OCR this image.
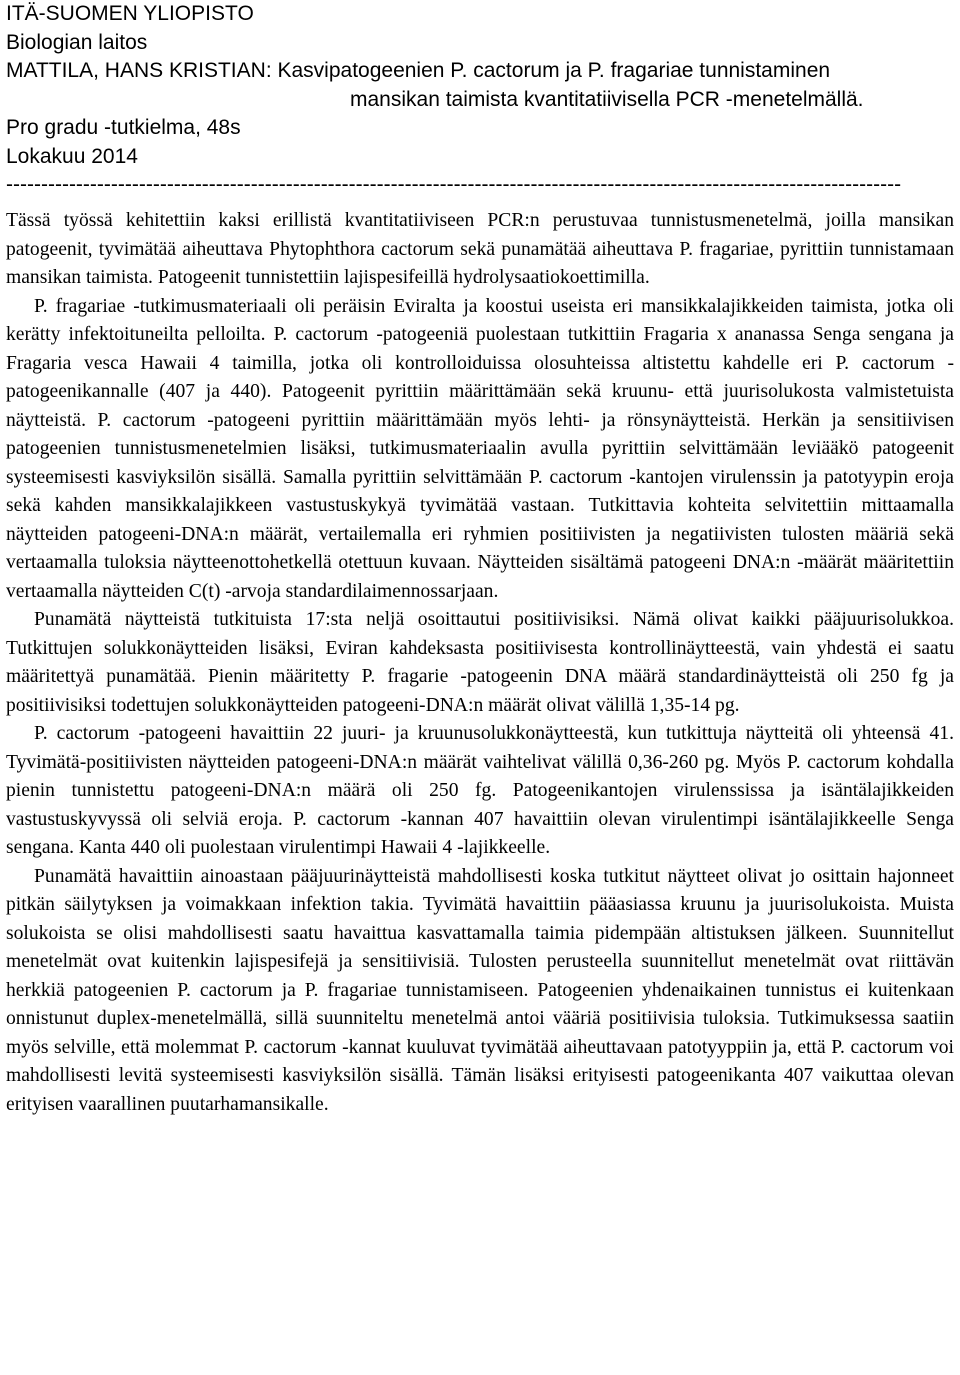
ITÄ-SUOMEN YLIOPISTO
Biologian laitos
MATTILA, HANS KRISTIAN: Kasvipatogeenien P. cactorum ja P. fragariae tunnistaminen
mansikan taimista kvantitatiivisella PCR -menetelmällä.
Pro gradu -tutkielma, 48s
Lokakuu 2014
--------------------------------------------------------------------------------------------------------------------------------

Tässä työssä kehitettiin kaksi erillistä kvantitatiiviseen PCR:n perustuvaa tunnistusmenetelmä, joilla mansikan patogeenit, tyvimätää aiheuttava Phytophthora cactorum sekä punamätää aiheuttava P. fragariae, pyrittiin tunnistamaan mansikan taimista. Patogeenit tunnistettiin lajispesifeillä hydrolysaatiokoettimilla.

P. fragariae -tutkimusmateriaali oli peräisin Eviralta ja koostui useista eri mansikkalajikkeiden taimista, jotka oli kerätty infektoituneilta pelloilta. P. cactorum -patogeeniä puolestaan tutkittiin Fragaria x ananassa Senga sengana ja Fragaria vesca Hawaii 4 taimilla, jotka oli kontrolloiduissa olosuhteissa altistettu kahdelle eri P. cactorum -patogeenikannalle (407 ja 440). Patogeenit pyrittiin määrittämään sekä kruunu- että juurisolukosta valmistetuista näytteistä. P. cactorum -patogeeni pyrittiin määrittämään myös lehti- ja rönsynäytteistä. Herkän ja sensitiivisen patogeenien tunnistusmenetelmien lisäksi, tutkimusmateriaalin avulla pyrittiin selvittämään leviääkö patogeenit systeemisesti kasviyksilön sisällä. Samalla pyrittiin selvittämään P. cactorum -kantojen virulenssin ja patotyypin eroja sekä kahden mansikkalajikkeen vastustuskykyä tyvimätää vastaan. Tutkittavia kohteita selvitettiin mittaamalla näytteiden patogeeni-DNA:n määrät, vertailemalla eri ryhmien positiivisten ja negatiivisten tulosten määriä sekä vertaamalla tuloksia näytteenottohetkellä otettuun kuvaan. Näytteiden sisältämä patogeeni DNA:n -määrät määritettiin vertaamalla näytteiden C(t) -arvoja standardilaimennossarjaan.

Punamätä näytteistä tutkituista 17:sta neljä osoittautui positiivisiksi. Nämä olivat kaikki pääjuurisolukkoa. Tutkittujen solukkonäytteiden lisäksi, Eviran kahdeksasta positiivisesta kontrollinäytteestä, vain yhdestä ei saatu määritettyä punamätää. Pienin määritetty P. fragarie -patogeenin DNA määrä standardinäytteistä oli 250 fg ja positiivisiksi todettujen solukkonäytteiden patogeeni-DNA:n määrät olivat välillä 1,35-14 pg.

P. cactorum -patogeeni havaittiin 22 juuri- ja kruunusolukkonäytteestä, kun tutkittuja näytteitä oli yhteensä 41. Tyvimätä-positiivisten näytteiden patogeeni-DNA:n määrät vaihtelivat välillä 0,36-260 pg. Myös P. cactorum kohdalla pienin tunnistettu patogeeni-DNA:n määrä oli 250 fg. Patogeenikantojen virulenssissa ja isäntälajikkeiden vastustuskyvyssä oli selviä eroja. P. cactorum -kannan 407 havaittiin olevan virulentimpi isäntälajikkeelle Senga sengana. Kanta 440 oli puolestaan virulentimpi Hawaii 4 -lajikkeelle.

Punamätä havaittiin ainoastaan pääjuurinäytteistä mahdollisesti koska tutkitut näytteet olivat jo osittain hajonneet pitkän säilytyksen ja voimakkaan infektion takia. Tyvimätä havaittiin pääasiassa kruunu ja juurisolukoista. Muista solukoista se olisi mahdollisesti saatu havaittua kasvattamalla taimia pidempään altistuksen jälkeen. Suunnitellut menetelmät ovat kuitenkin lajispesifejä ja sensitiivisiä. Tulosten perusteella suunnitellut menetelmät ovat riittävän herkkiä patogeenien P. cactorum ja P. fragariae tunnistamiseen. Patogeenien yhdenaikainen tunnistus ei kuitenkaan onnistunut duplex-menetelmällä, sillä suunniteltu menetelmä antoi vääriä positiivisia tuloksia. Tutkimuksessa saatiin myös selville, että molemmat P. cactorum -kannat kuuluvat tyvimätää aiheuttavaan patotyyppiin ja, että P. cactorum voi mahdollisesti levitä systeemisesti kasviyksilön sisällä. Tämän lisäksi erityisesti patogeenikanta 407 vaikuttaa olevan erityisen vaarallinen puutarhamansikalle.
